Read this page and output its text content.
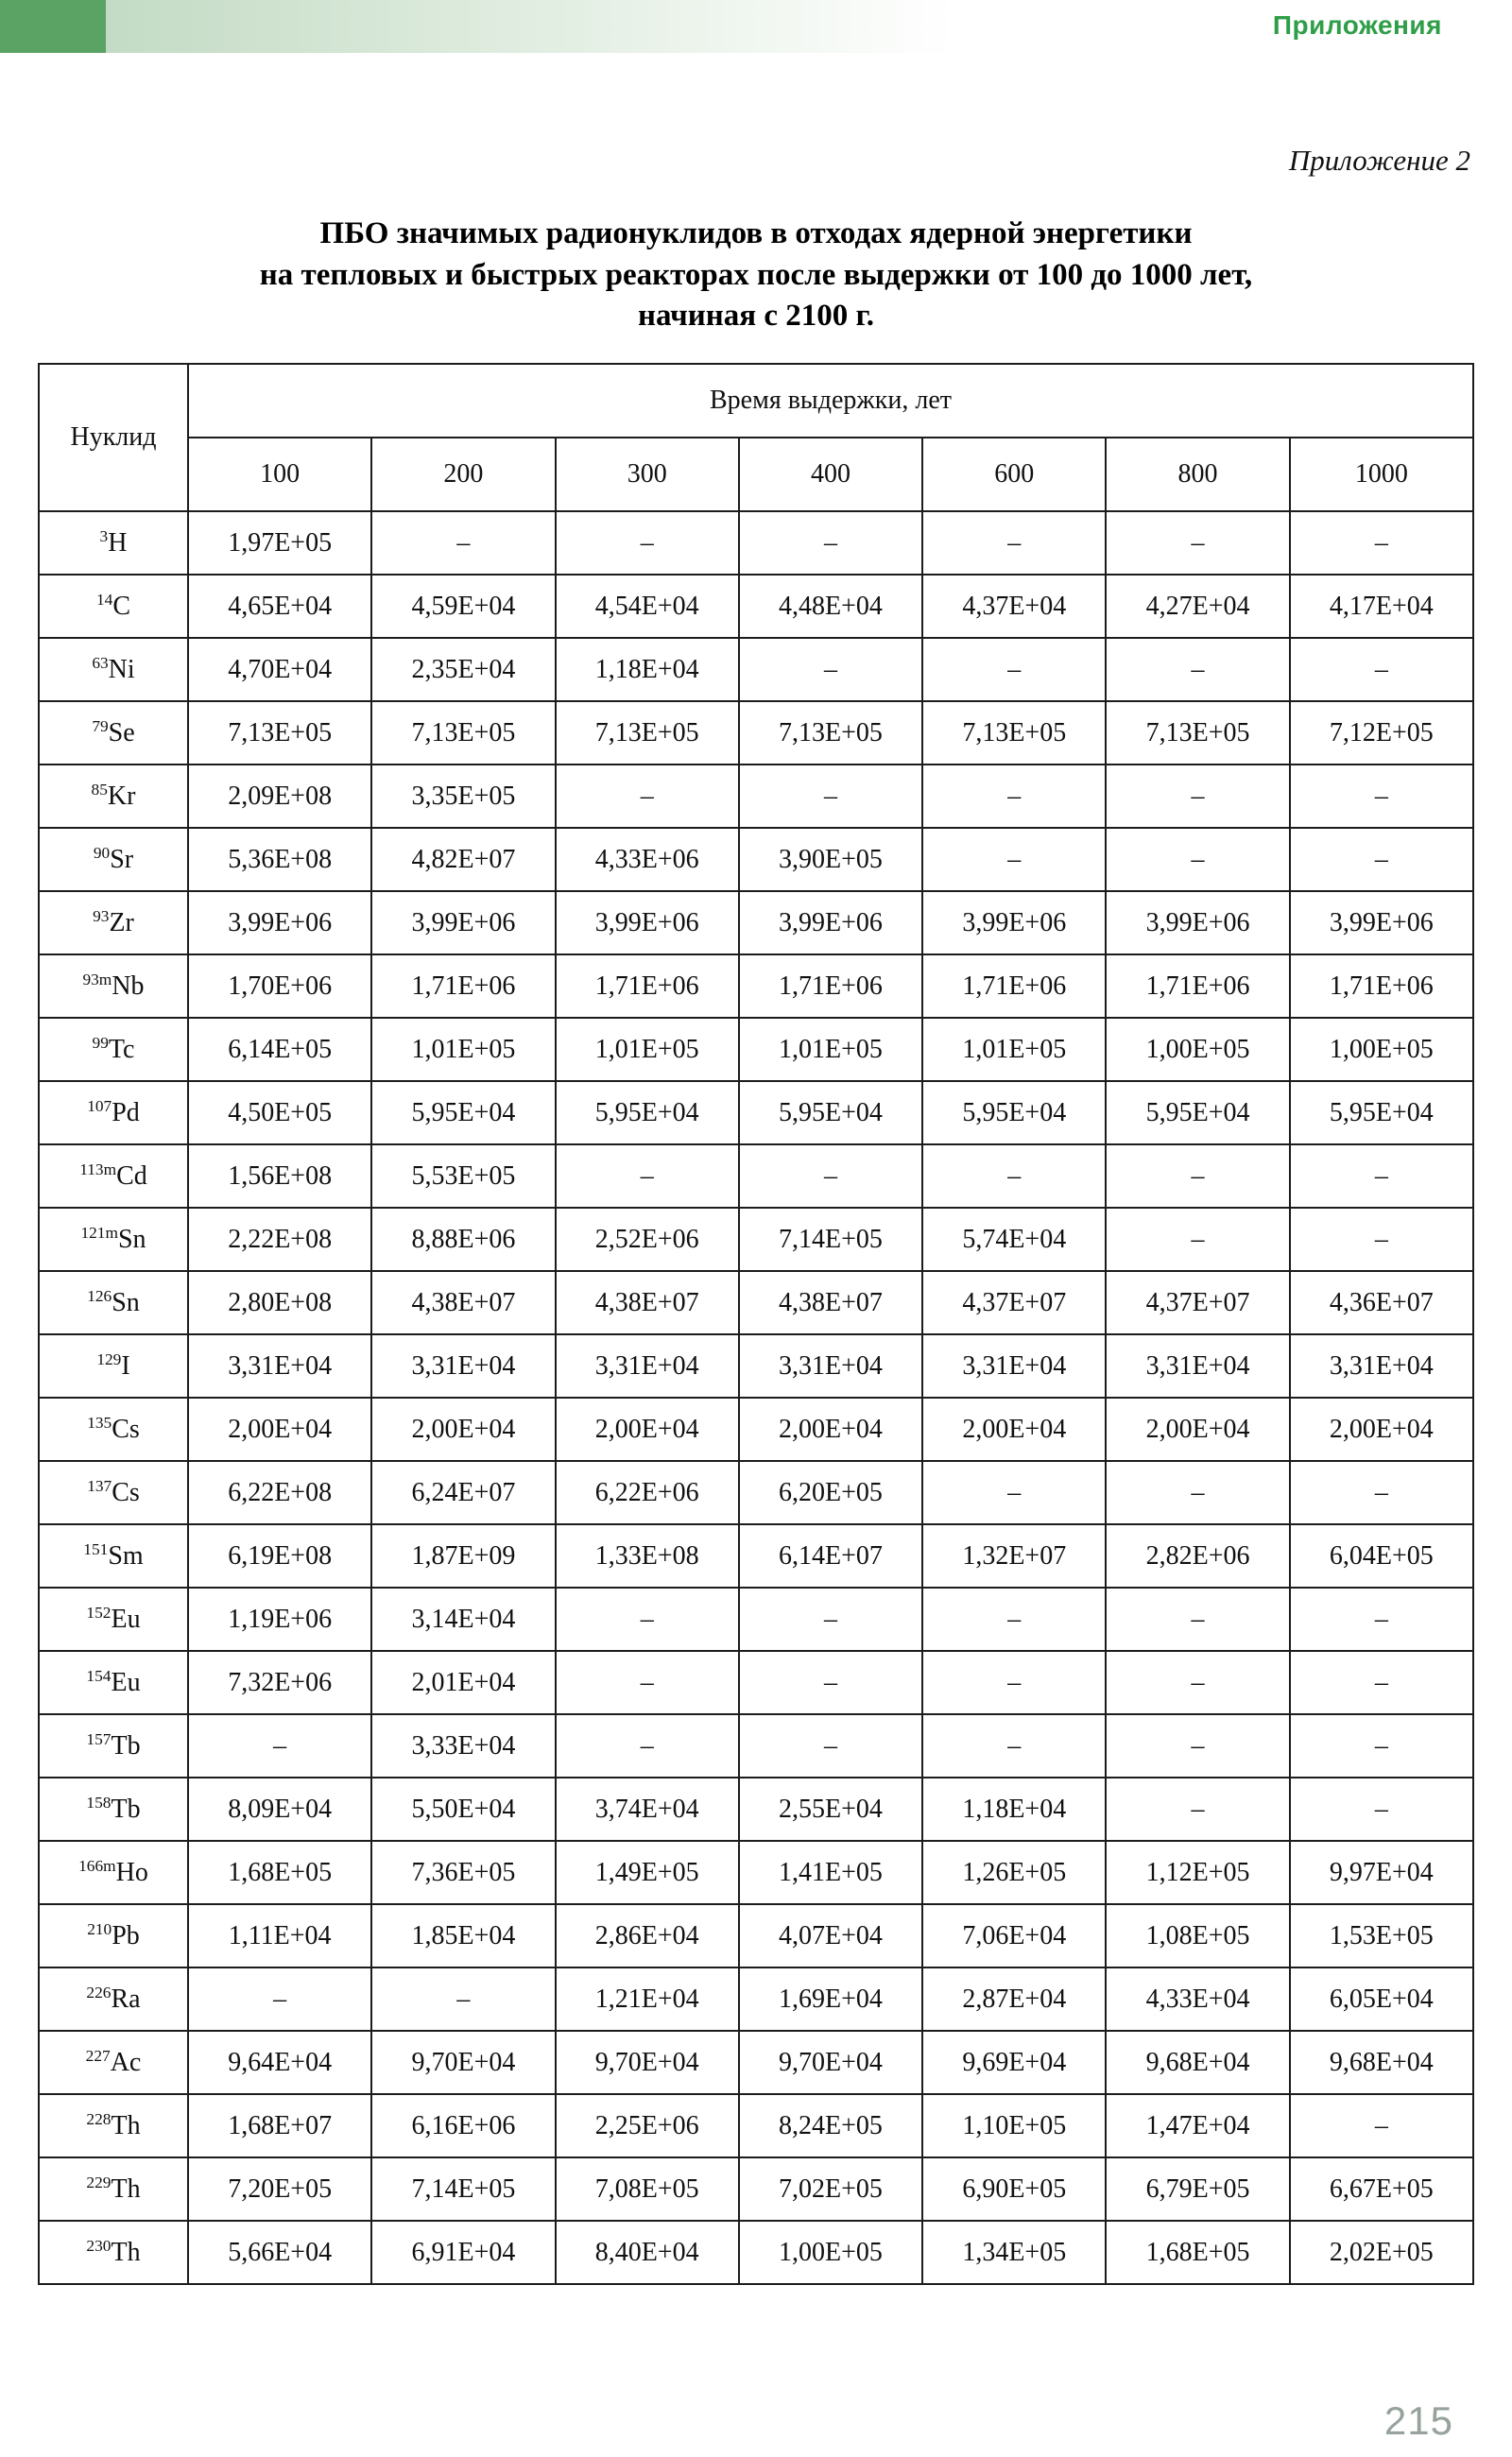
Приложения
Приложение 2
ПБО значимых радионуклидов в отходах ядерной энергетики
на тепловых и быстрых реакторах после выдержки от 100 до 1000 лет,
начиная с 2100 г.
Нуклид	Время выдержки, лет						
	100	200	300	400	600	800	1000
$^3$H	1,97E+05	–	–	–	–	–	–
$^{14}$C	4,65E+04	4,59E+04	4,54E+04	4,48E+04	4,37E+04	4,27E+04	4,17E+04
$^{63}$Ni	4,70E+04	2,35E+04	1,18E+04	–	–	–	–
$^{79}$Se	7,13E+05	7,13E+05	7,13E+05	7,13E+05	7,13E+05	7,13E+05	7,12E+05
$^{85}$Kr	2,09E+08	3,35E+05	–	–	–	–	–
$^{90}$Sr	5,36E+08	4,82E+07	4,33E+06	3,90E+05	–	–	–
$^{93}$Zr	3,99E+06	3,99E+06	3,99E+06	3,99E+06	3,99E+06	3,99E+06	3,99E+06
$^{93m}$Nb	1,70E+06	1,71E+06	1,71E+06	1,71E+06	1,71E+06	1,71E+06	1,71E+06
$^{99}$Tc	6,14E+05	1,01E+05	1,01E+05	1,01E+05	1,01E+05	1,00E+05	1,00E+05
$^{107}$Pd	4,50E+05	5,95E+04	5,95E+04	5,95E+04	5,95E+04	5,95E+04	5,95E+04
$^{113m}$Cd	1,56E+08	5,53E+05	–	–	–	–	–
$^{121m}$Sn	2,22E+08	8,88E+06	2,52E+06	7,14E+05	5,74E+04	–	–
$^{126}$Sn	2,80E+08	4,38E+07	4,38E+07	4,38E+07	4,37E+07	4,37E+07	4,36E+07
$^{129}$I	3,31E+04	3,31E+04	3,31E+04	3,31E+04	3,31E+04	3,31E+04	3,31E+04
$^{135}$Cs	2,00E+04	2,00E+04	2,00E+04	2,00E+04	2,00E+04	2,00E+04	2,00E+04
$^{137}$Cs	6,22E+08	6,24E+07	6,22E+06	6,20E+05	–	–	–
$^{151}$Sm	6,19E+08	1,87E+09	1,33E+08	6,14E+07	1,32E+07	2,82E+06	6,04E+05
$^{152}$Eu	1,19E+06	3,14E+04	–	–	–	–	–
$^{154}$Eu	7,32E+06	2,01E+04	–	–	–	–	–
$^{157}$Tb	–	3,33E+04	–	–	–	–	–
$^{158}$Tb	8,09E+04	5,50E+04	3,74E+04	2,55E+04	1,18E+04	–	–
$^{166m}$Ho	1,68E+05	7,36E+05	1,49E+05	1,41E+05	1,26E+05	1,12E+05	9,97E+04
$^{210}$Pb	1,11E+04	1,85E+04	2,86E+04	4,07E+04	7,06E+04	1,08E+05	1,53E+05
$^{226}$Ra	–	–	1,21E+04	1,69E+04	2,87E+04	4,33E+04	6,05E+04
$^{227}$Ac	9,64E+04	9,70E+04	9,70E+04	9,70E+04	9,69E+04	9,68E+04	9,68E+04
$^{228}$Th	1,68E+07	6,16E+06	2,25E+06	8,24E+05	1,10E+05	1,47E+04	–
$^{229}$Th	7,20E+05	7,14E+05	7,08E+05	7,02E+05	6,90E+05	6,79E+05	6,67E+05
$^{230}$Th	5,66E+04	6,91E+04	8,40E+04	1,00E+05	1,34E+05	1,68E+05	2,02E+05
215
